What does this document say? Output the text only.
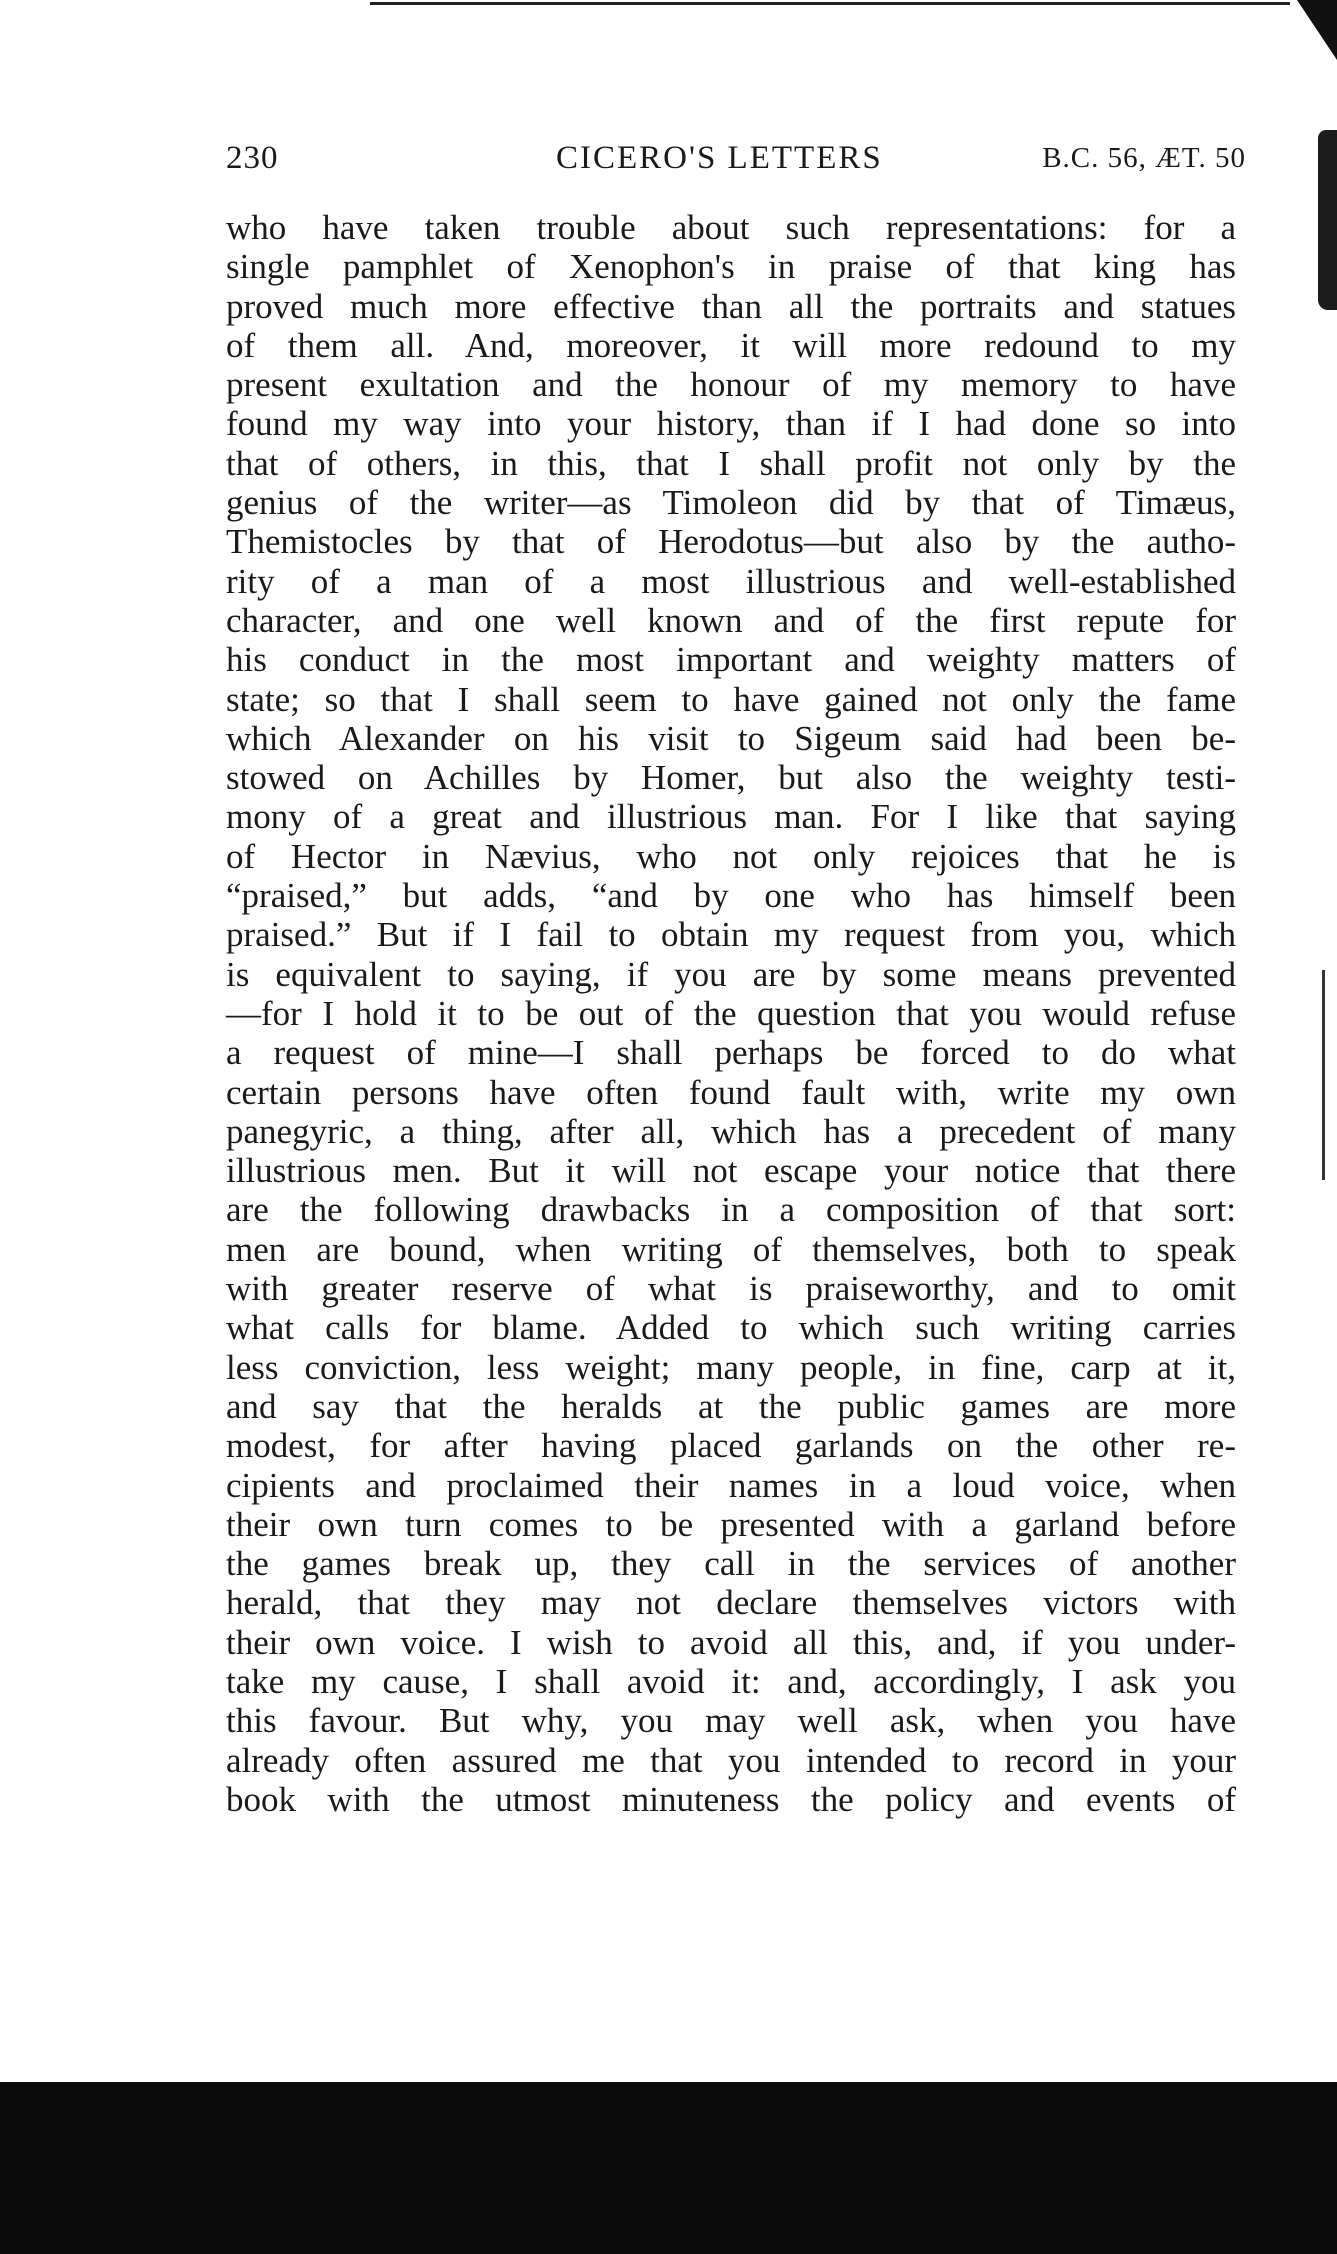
230	CICERO'S LETTERS	B.C. 56, ÆT. 50
who have taken trouble about such representations: for a
single pamphlet of Xenophon's in praise of that king has
proved much more effective than all the portraits and statues
of them all. And, moreover, it will more redound to my
present exultation and the honour of my memory to have
found my way into your history, than if I had done so into
that of others, in this, that I shall profit not only by the
genius of the writer—as Timoleon did by that of Timæus,
Themistocles by that of Herodotus—but also by the autho-
rity of a man of a most illustrious and well-established
character, and one well known and of the first repute for
his conduct in the most important and weighty matters of
state; so that I shall seem to have gained not only the fame
which Alexander on his visit to Sigeum said had been be-
stowed on Achilles by Homer, but also the weighty testi-
mony of a great and illustrious man. For I like that saying
of Hector in Nævius, who not only rejoices that he is
“praised,” but adds, “and by one who has himself been
praised.” But if I fail to obtain my request from you, which
is equivalent to saying, if you are by some means prevented
—for I hold it to be out of the question that you would refuse
a request of mine—I shall perhaps be forced to do what
certain persons have often found fault with, write my own
panegyric, a thing, after all, which has a precedent of many
illustrious men. But it will not escape your notice that there
are the following drawbacks in a composition of that sort:
men are bound, when writing of themselves, both to speak
with greater reserve of what is praiseworthy, and to omit
what calls for blame. Added to which such writing carries
less conviction, less weight; many people, in fine, carp at it,
and say that the heralds at the public games are more
modest, for after having placed garlands on the other re-
cipients and proclaimed their names in a loud voice, when
their own turn comes to be presented with a garland before
the games break up, they call in the services of another
herald, that they may not declare themselves victors with
their own voice. I wish to avoid all this, and, if you under-
take my cause, I shall avoid it: and, accordingly, I ask you
this favour. But why, you may well ask, when you have
already often assured me that you intended to record in your
book with the utmost minuteness the policy and events of
